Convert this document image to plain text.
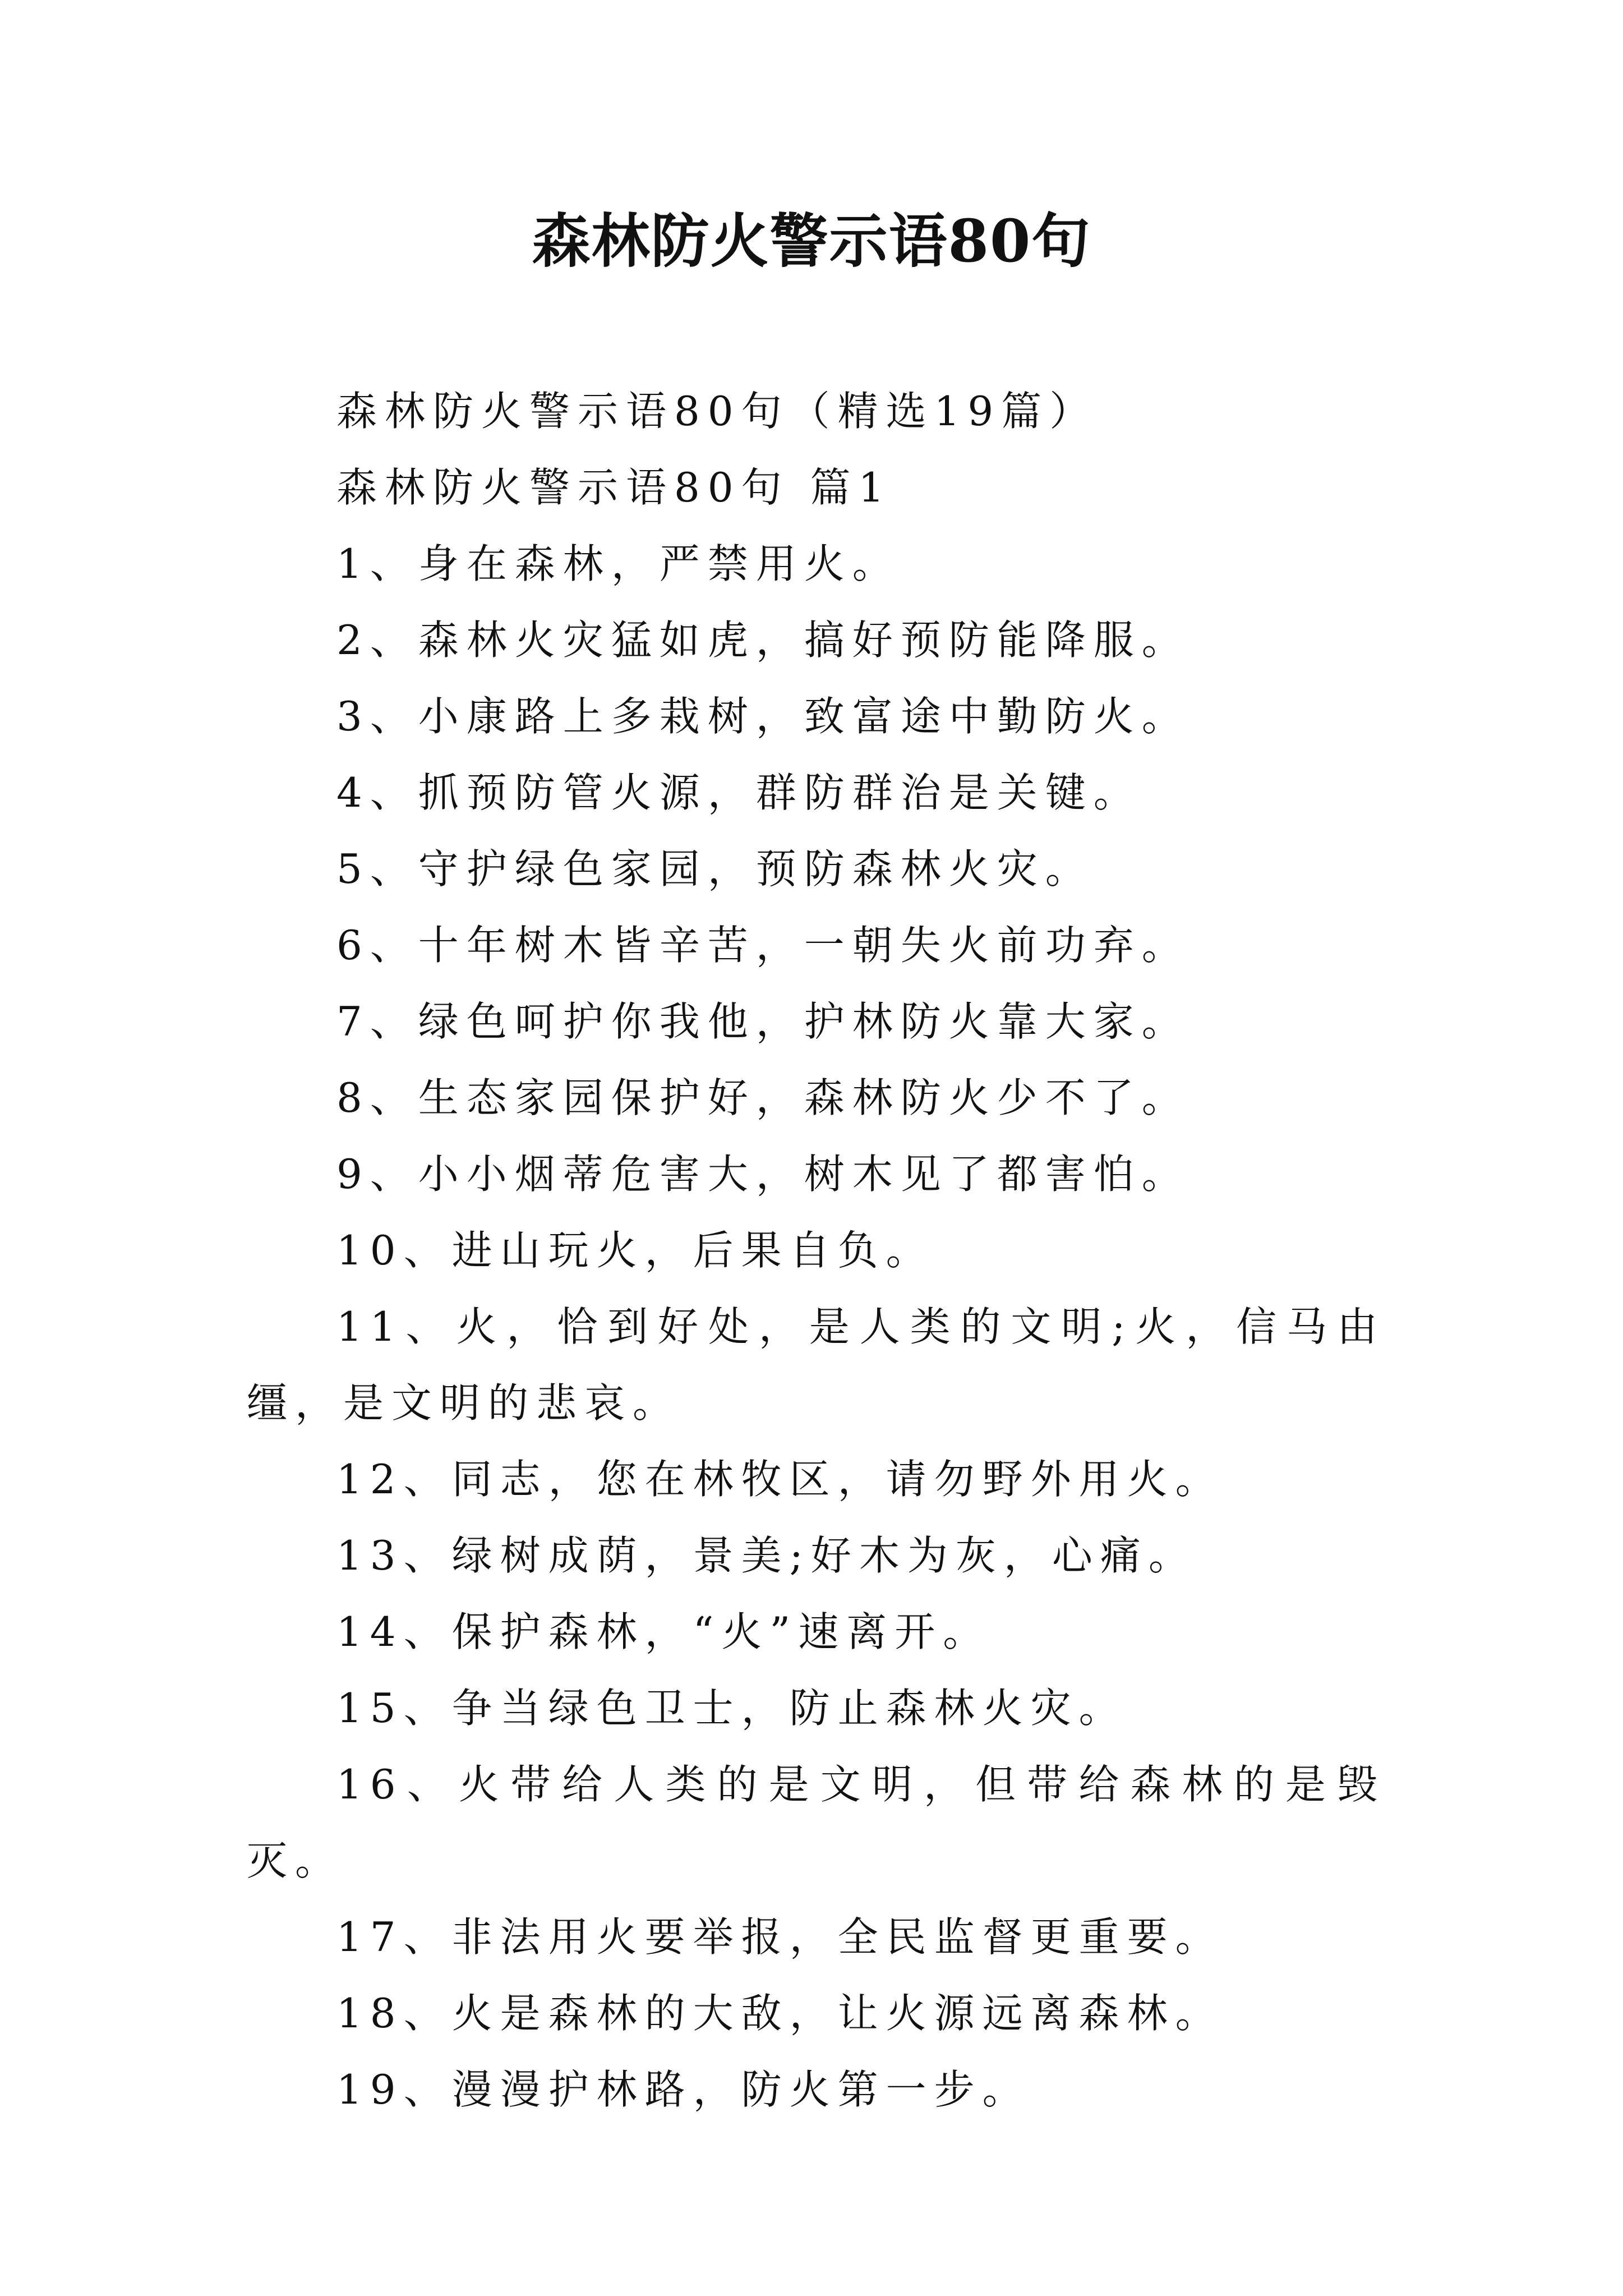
森林防火警示语80句

森林防火警示语80句（精选19篇）

森林防火警示语80句 篇1

1、身在森林，严禁用火。

2、森林火灾猛如虎，搞好预防能降服。

3、小康路上多栽树，致富途中勤防火。

4、抓预防管火源，群防群治是关键。

5、守护绿色家园，预防森林火灾。

6、十年树木皆辛苦，一朝失火前功弃。

7、绿色呵护你我他，护林防火靠大家。

8、生态家园保护好，森林防火少不了。

9、小小烟蒂危害大，树木见了都害怕。

10、进山玩火，后果自负。

11、火，恰到好处，是人类的文明;火，信马由缰，是文明的悲哀。

12、同志，您在林牧区，请勿野外用火。

13、绿树成荫，景美;好木为灰，心痛。

14、保护森林，“火”速离开。

15、争当绿色卫士，防止森林火灾。

16、火带给人类的是文明，但带给森林的是毁灭。

17、非法用火要举报，全民监督更重要。

18、火是森林的大敌，让火源远离森林。

19、漫漫护林路，防火第一步。
